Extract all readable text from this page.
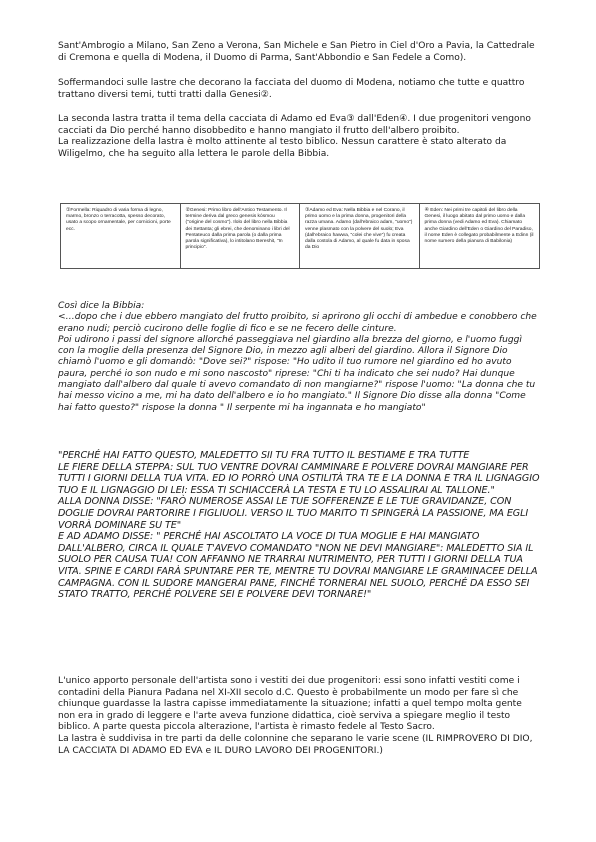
Sant'Ambrogio a Milano, San Zeno a Verona, San Michele e San Pietro in Ciel d'Oro a Pavia, la Cattedrale di Cremona e quella di Modena, il Duomo di Parma, Sant'Abbondio e San Fedele a Como).

Soffermandoci sulle lastre che decorano la facciata del duomo di Modena, notiamo che tutte e quattro trattano diversi temi, tutti tratti dalla Genesi②.

La seconda lastra tratta il tema della cacciata di Adamo ed Eva③ dall'Eden④. I due progenitori vengono cacciati da Dio perché hanno disobbedito e hanno mangiato il frutto dell'albero proibito.

La realizzazione della lastra è molto attinente al testo biblico. Nessun carattere è stato alterato da Wiligelmo, che ha seguito alla lettera le parole della Bibbia.

①Formella: Riquadro di varia forma di legno, marmo, bronzo o terracotta, spesso decorato, usato a scopo ornamentale, per cornicioni, porte ecc.
②Genesi: Primo libro dell'Antico Testamento. Il termine deriva dal greco genesis kósmou ("origine del cosmo"). Ilolo del libro nella Bibbia dei Settanta; gli ebrei, che denominano i libri del Pentateuco dalla prima parola (o dalla prima parola significativa), lo intitolano Bereshit, "In principio".
③Adamo ed Eva: Nella Bibbia e nel Corano, il primo uomo e la prima donna, progenitori della razza umana. Adamo (dall'ebraico adam, "uomo") venne plasmato con la polvere del suolo; Eva (dall'ebraico hawwa, "colei che vive") fu creata dalla costola di Adamo, al quale fu data in sposa da Dio
④ Eden: Nei primi tre capitoli del libro della Genesi, il luogo abitato dal primo uomo e dalla prima donna (vedi Adamo ed Eva). Chiamato anche Giardino dell'Eden o Giardino del Paradiso, il nome Eden è collegato probabilmente a Edinn (il nome sumero della pianura di Babilonia)

Così dice la Bibbia:

<…dopo che i due ebbero mangiato del frutto proibito, si aprirono gli occhi di ambedue e conobbero che erano nudi; perciò cucirono delle foglie di fico e se ne fecero delle cinture.

Poi udirono i passi del signore allorché passeggiava nel giardino alla brezza del giorno, e l'uomo fuggì con la moglie della presenza del Signore Dio, in mezzo agli alberi del giardino. Allora il Signore Dio chiamò l'uomo e gli domandò: "Dove sei?" rispose: "Ho udito il tuo rumore nel giardino ed ho avuto paura, perché io son nudo e mi sono nascosto" riprese: "Chi ti ha indicato che sei nudo? Hai dunque mangiato dall'albero dal quale ti avevo comandato di non mangiarne?" rispose l'uomo: "La donna che tu hai messo vicino a me, mi ha dato dell'albero e io ho mangiato." Il Signore Dio disse alla donna "Come hai fatto questo?" rispose la donna " Il serpente mi ha ingannata e ho mangiato"

"PERCHÉ HAI FATTO QUESTO, MALEDETTO SII TU FRA TUTTO IL BESTIAME E TRA TUTTE

LE FIERE DELLA STEPPA: SUL TUO VENTRE DOVRAI CAMMINARE E POLVERE DOVRAI MANGIARE PER TUTTI I GIORNI DELLA TUA VITA. ED IO PORRÒ UNA OSTILITÀ TRA TE E LA DONNA E TRA IL LIGNAGGIO TUO E IL LIGNAGGIO DI LEI: ESSA TI SCHIACCERÀ LA TESTA E TU LO ASSALIRAI AL TALLONE."

ALLA DONNA DISSE: "FARÒ NUMEROSE ASSAI LE TUE SOFFERENZE E LE TUE GRAVIDANZE, CON DOGLIE DOVRAI PARTORIRE I FIGLIUOLI. VERSO IL TUO MARITO TI SPINGERÀ LA PASSIONE, MA EGLI VORRÀ DOMINARE SU TE"

E AD ADAMO DISSE: " PERCHÉ HAI ASCOLTATO LA VOCE DI TUA MOGLIE E HAI MANGIATO DALL'ALBERO, CIRCA IL QUALE T'AVEVO COMANDATO "NON NE DEVI MANGIARE": MALEDETTO SIA IL SUOLO PER CAUSA TUA! CON AFFANNO NE TRARRAI NUTRIMENTO, PER TUTTI I GIORNI DELLA TUA VITA. SPINE E CARDI FARÀ SPUNTARE PER TE, MENTRE TU DOVRAI MANGIARE LE GRAMINACEE DELLA CAMPAGNA. CON IL SUDORE MANGERAI PANE, FINCHÉ TORNERAI NEL SUOLO, PERCHÉ DA ESSO SEI STATO TRATTO, PERCHÉ POLVERE SEI E POLVERE DEVI TORNARE!"

L'unico apporto personale dell'artista sono i vestiti dei due progenitori: essi sono infatti vestiti come i contadini della Pianura Padana nel XI-XII secolo d.C. Questo è probabilmente un modo per fare sì che chiunque guardasse la lastra capisse immediatamente la situazione; infatti a quel tempo molta gente non era in grado di leggere e l'arte aveva funzione didattica, cioè serviva a spiegare meglio il testo biblico. A parte questa piccola alterazione, l'artista è rimasto fedele al Testo Sacro.

La lastra è suddivisa in tre parti da delle colonnine che separano le varie scene (IL RIMPROVERO DI DIO, LA CACCIATA DI ADAMO ED EVA e IL DURO LAVORO DEI PROGENITORI.)
